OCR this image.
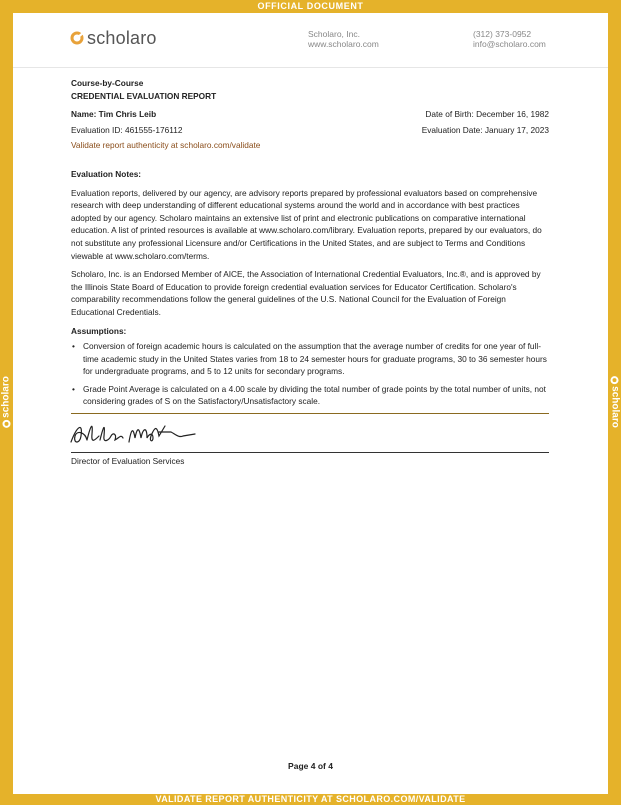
OFFICIAL DOCUMENT
scholaro	scholaro
scholaro	Scholaro, Inc.
www.scholaro.com
(312) 373-0952
info@scholaro.com
Course-by-Course
CREDENTIAL EVALUATION REPORT
Name: Tim Chris Leib	Date of Birth: December 16, 1982
Evaluation ID: 461555-176112	Evaluation Date: January 17, 2023
Validate report authenticity at scholaro.com/validate
Evaluation Notes:

Evaluation reports, delivered by our agency, are advisory reports prepared by professional evaluators based on comprehensive research with deep understanding of different educational systems around the world and in accordance with best practices adopted by our agency. Scholaro maintains an extensive list of print and electronic publications on comparative international education. A list of printed resources is available at www.scholaro.com/library. Evaluation reports, prepared by our evaluators, do not substitute any professional Licensure and/or Certifications in the United States, and are subject to Terms and Conditions viewable at www.scholaro.com/terms.

Scholaro, Inc. is an Endorsed Member of AICE, the Association of International Credential Evaluators, Inc.®, and is approved by the Illinois State Board of Education to provide foreign credential evaluation services for Educator Certification. Scholaro's comparability recommendations follow the general guidelines of the U.S. National Council for the Evaluation of Foreign Educational Credentials.

Assumptions:
• Conversion of foreign academic hours is calculated on the assumption that the average number of credits for one year of full-time academic study in the United States varies from 18 to 24 semester hours for graduate programs, 30 to 36 semester hours for undergraduate programs, and 5 to 12 units for secondary programs.
• Grade Point Average is calculated on a 4.00 scale by dividing the total number of grade points by the total number of units, not considering grades of S on the Satisfactory/Unsatisfactory scale.
Director of Evaluation Services
Page 4 of 4
VALIDATE REPORT AUTHENTICITY AT SCHOLARO.COM/VALIDATE
